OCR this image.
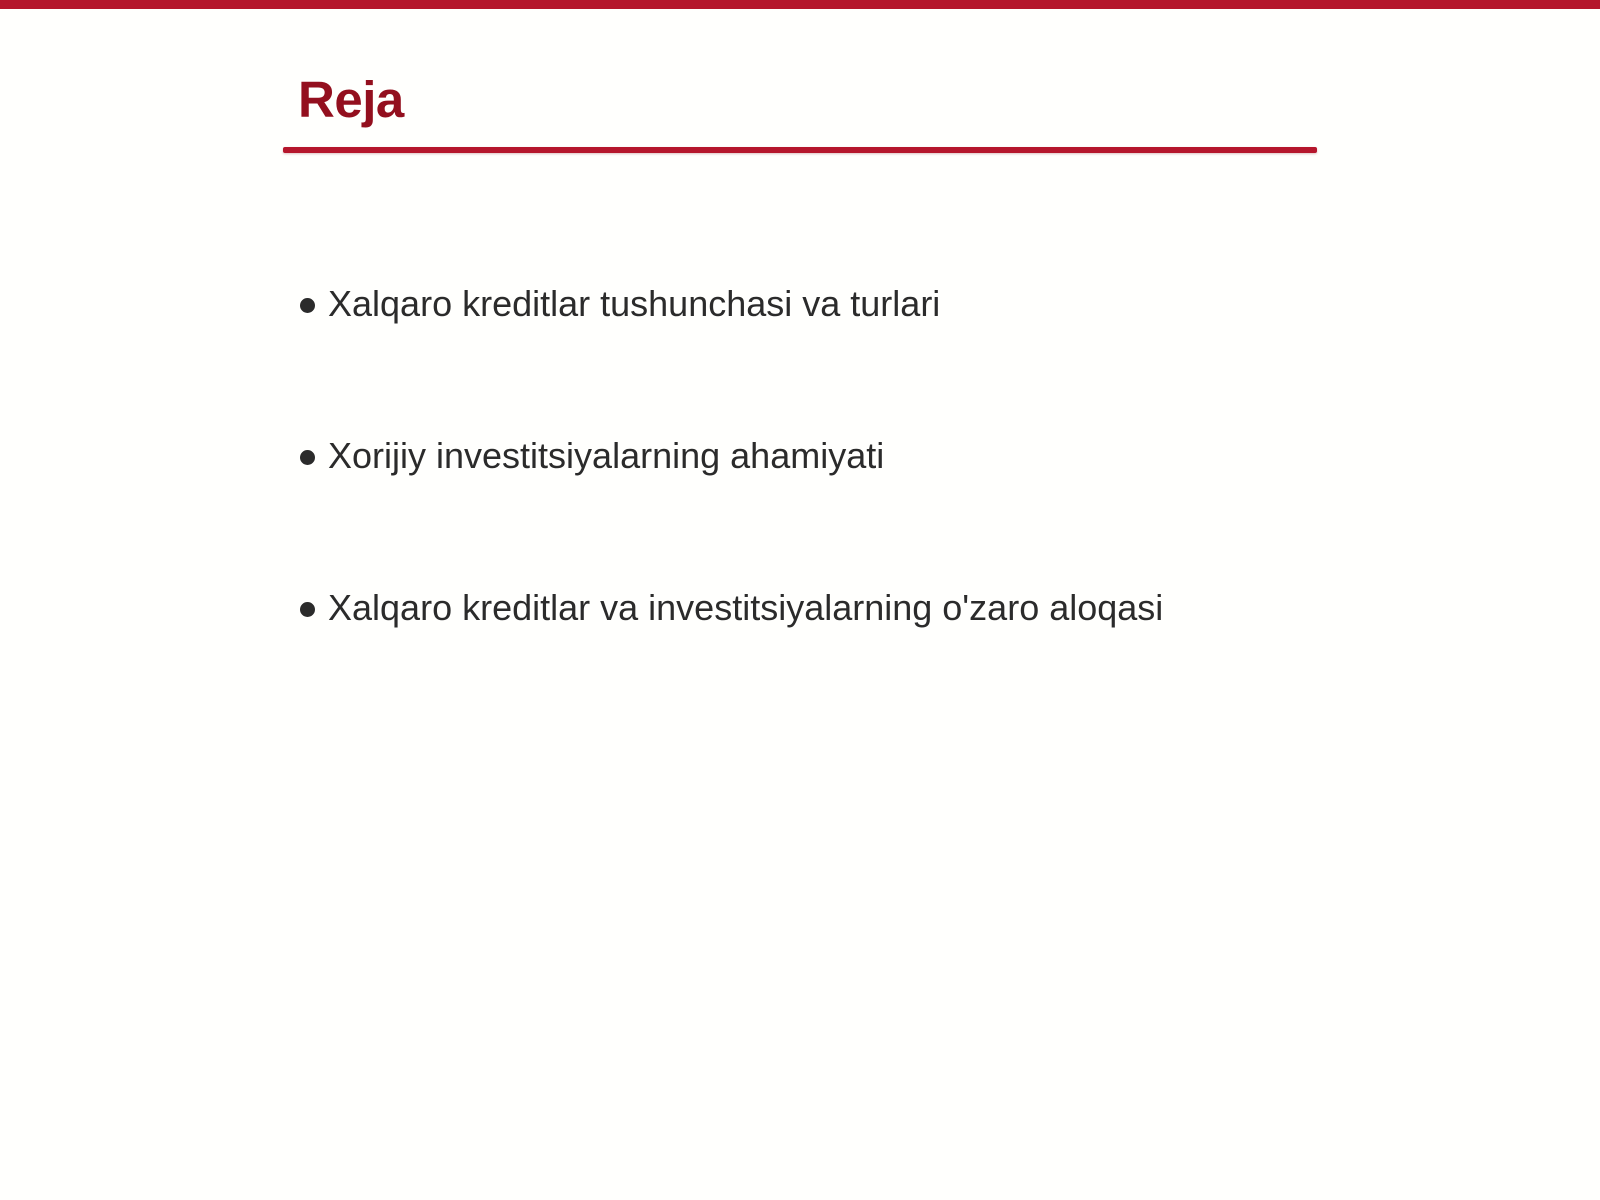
Reja
Xalqaro kreditlar tushunchasi va turlari
Xorijiy investitsiyalarning ahamiyati
Xalqaro kreditlar va investitsiyalarning o'zaro aloqasi
